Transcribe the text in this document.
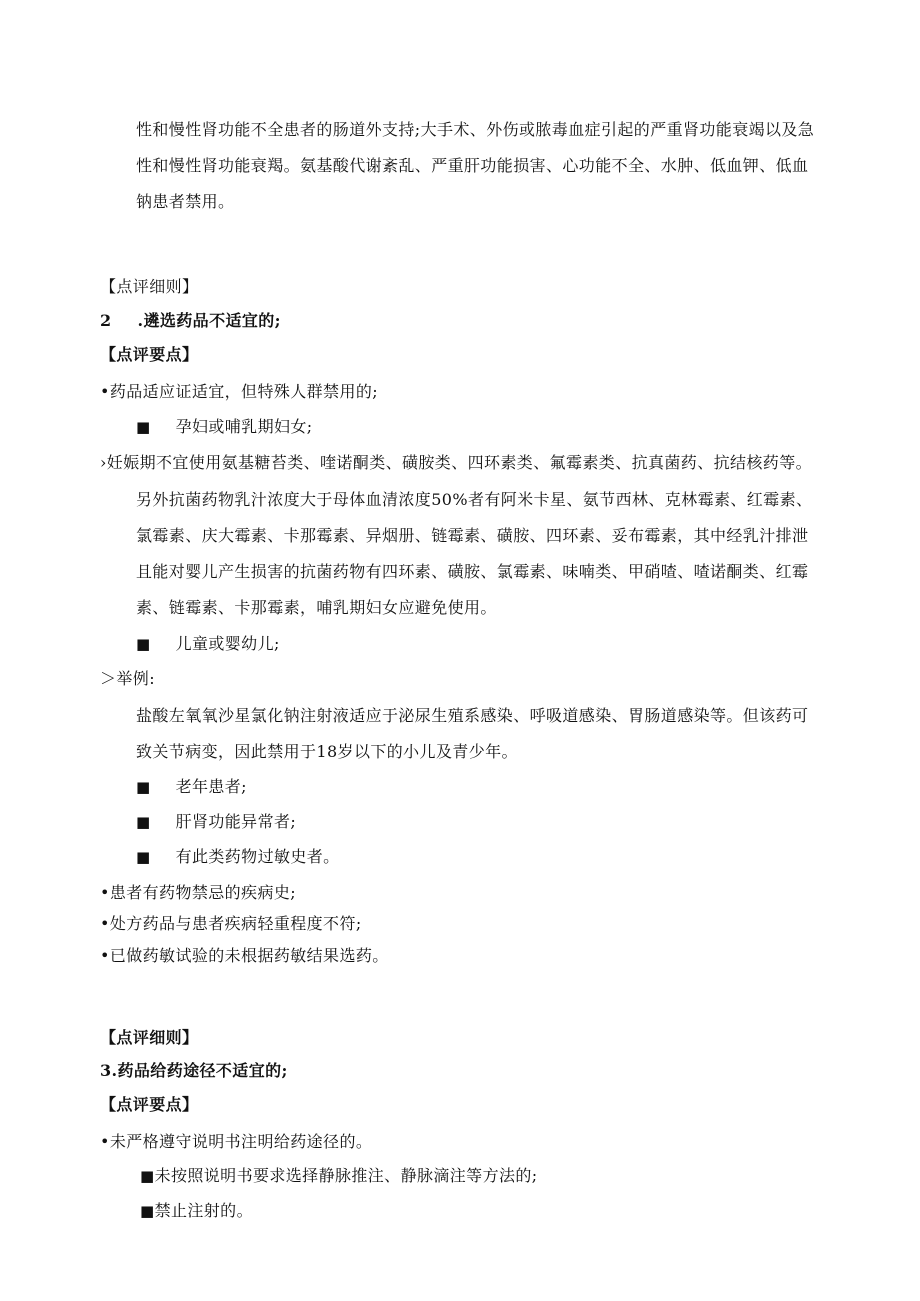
性和慢性肾功能不全患者的肠道外支持;大手术、外伤或脓毒血症引起的严重肾功能衰竭以及急
性和慢性肾功能衰羯。氨基酸代谢紊乱、严重肝功能损害、心功能不全、水肿、低血钾、低血
钠患者禁用。
【点评细则】
2 .遴选药品不适宜的;
【点评要点】
•药品适应证适宜，但特殊人群禁用的;
■ 孕妇或哺乳期妇女;
›妊娠期不宜使用氨基糖苔类、喹诺酮类、磺胺类、四环素类、氟霉素类、抗真菌药、抗结核药等。
另外抗菌药物乳汁浓度大于母体血清浓度50%者有阿米卡星、氨节西林、克林霉素、红霉素、
氯霉素、庆大霉素、卡那霉素、异烟册、链霉素、磺胺、四环素、妥布霉素，其中经乳汁排泄
且能对婴儿产生损害的抗菌药物有四环素、磺胺、氯霉素、味喃类、甲硝喳、喳诺酮类、红霉
素、链霉素、卡那霉素，哺乳期妇女应避免使用。
■ 儿童或婴幼儿;
＞举例:
盐酸左氧氧沙星氯化钠注射液适应于泌尿生殖系感染、呼吸道感染、胃肠道感染等。但该药可
致关节病变，因此禁用于18岁以下的小儿及青少年。
■ 老年患者;
■ 肝肾功能异常者;
■ 有此类药物过敏史者。
•患者有药物禁忌的疾病史;
•处方药品与患者疾病轻重程度不符;
•已做药敏试验的未根据药敏结果选药。
【点评细则】
3.药品给药途径不适宜的;
【点评要点】
•未严格遵守说明书注明给药途径的。
■未按照说明书要求选择静脉推注、静脉滴注等方法的;
■禁止注射的。
